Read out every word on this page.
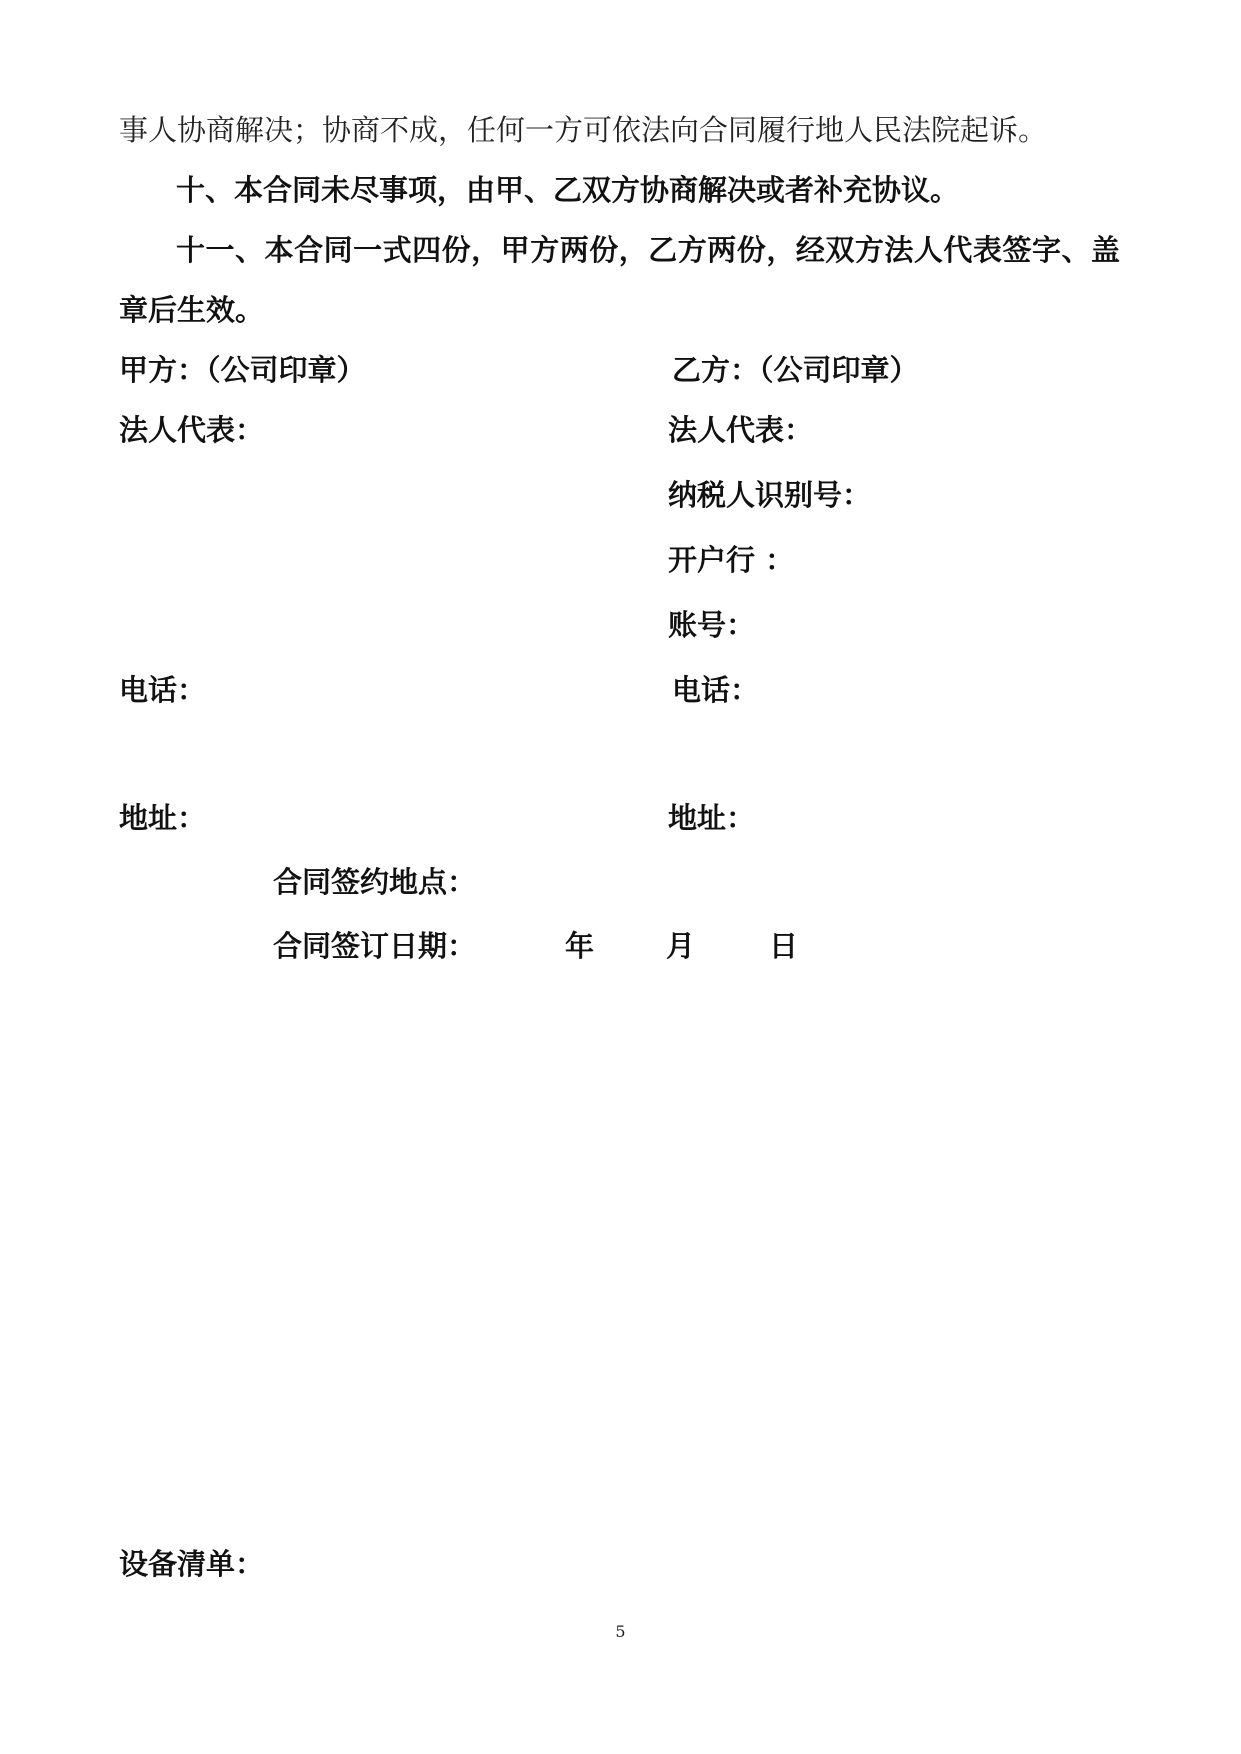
事人协商解决；协商不成，任何一方可依法向合同履行地人民法院起诉。
十、本合同未尽事项，由甲、乙双方协商解决或者补充协议。
十一、本合同一式四份，甲方两份，乙方两份，经双方法人代表签字、盖
章后生效。
甲方：（公司印章）
法人代表：
电话：
地址：
乙方：（公司印章）
法人代表：
纳税人识别号：
开户行 ：
账号：
电话：
地址：
合同签约地点：
合同签订日期：	年 月	日
设备清单：
5
